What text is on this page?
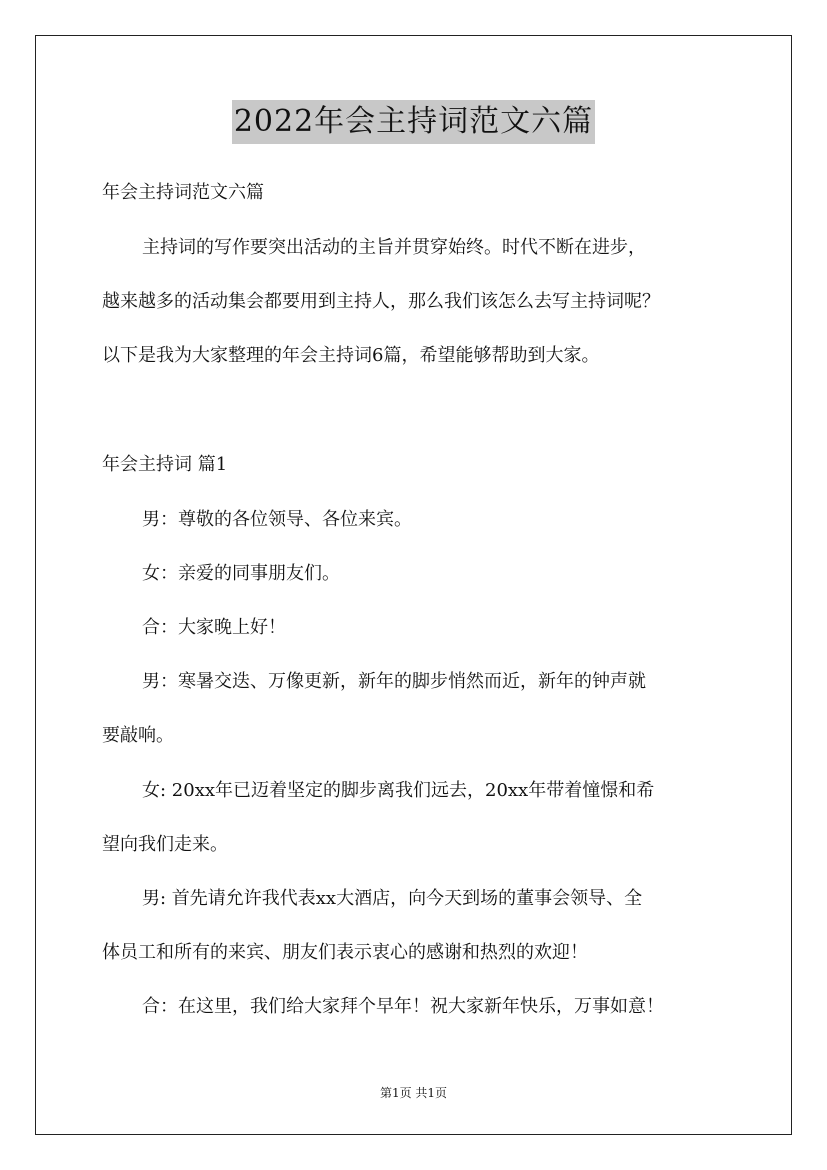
2022年会主持词范文六篇
年会主持词范文六篇
主持词的写作要突出活动的主旨并贯穿始终。时代不断在进步，
越来越多的活动集会都要用到主持人，那么我们该怎么去写主持词呢？
以下是我为大家整理的年会主持词6篇，希望能够帮助到大家。
年会主持词 篇1
男：尊敬的各位领导、各位来宾。
女：亲爱的同事朋友们。
合：大家晚上好！
男：寒暑交迭、万像更新，新年的脚步悄然而近，新年的钟声就
要敲响。
女: 20xx年已迈着坚定的脚步离我们远去，20xx年带着憧憬和希
望向我们走来。
男: 首先请允许我代表xx大酒店，向今天到场的董事会领导、全
体员工和所有的来宾、朋友们表示衷心的感谢和热烈的欢迎！
合：在这里，我们给大家拜个早年！祝大家新年快乐，万事如意！
第1页 共1页
